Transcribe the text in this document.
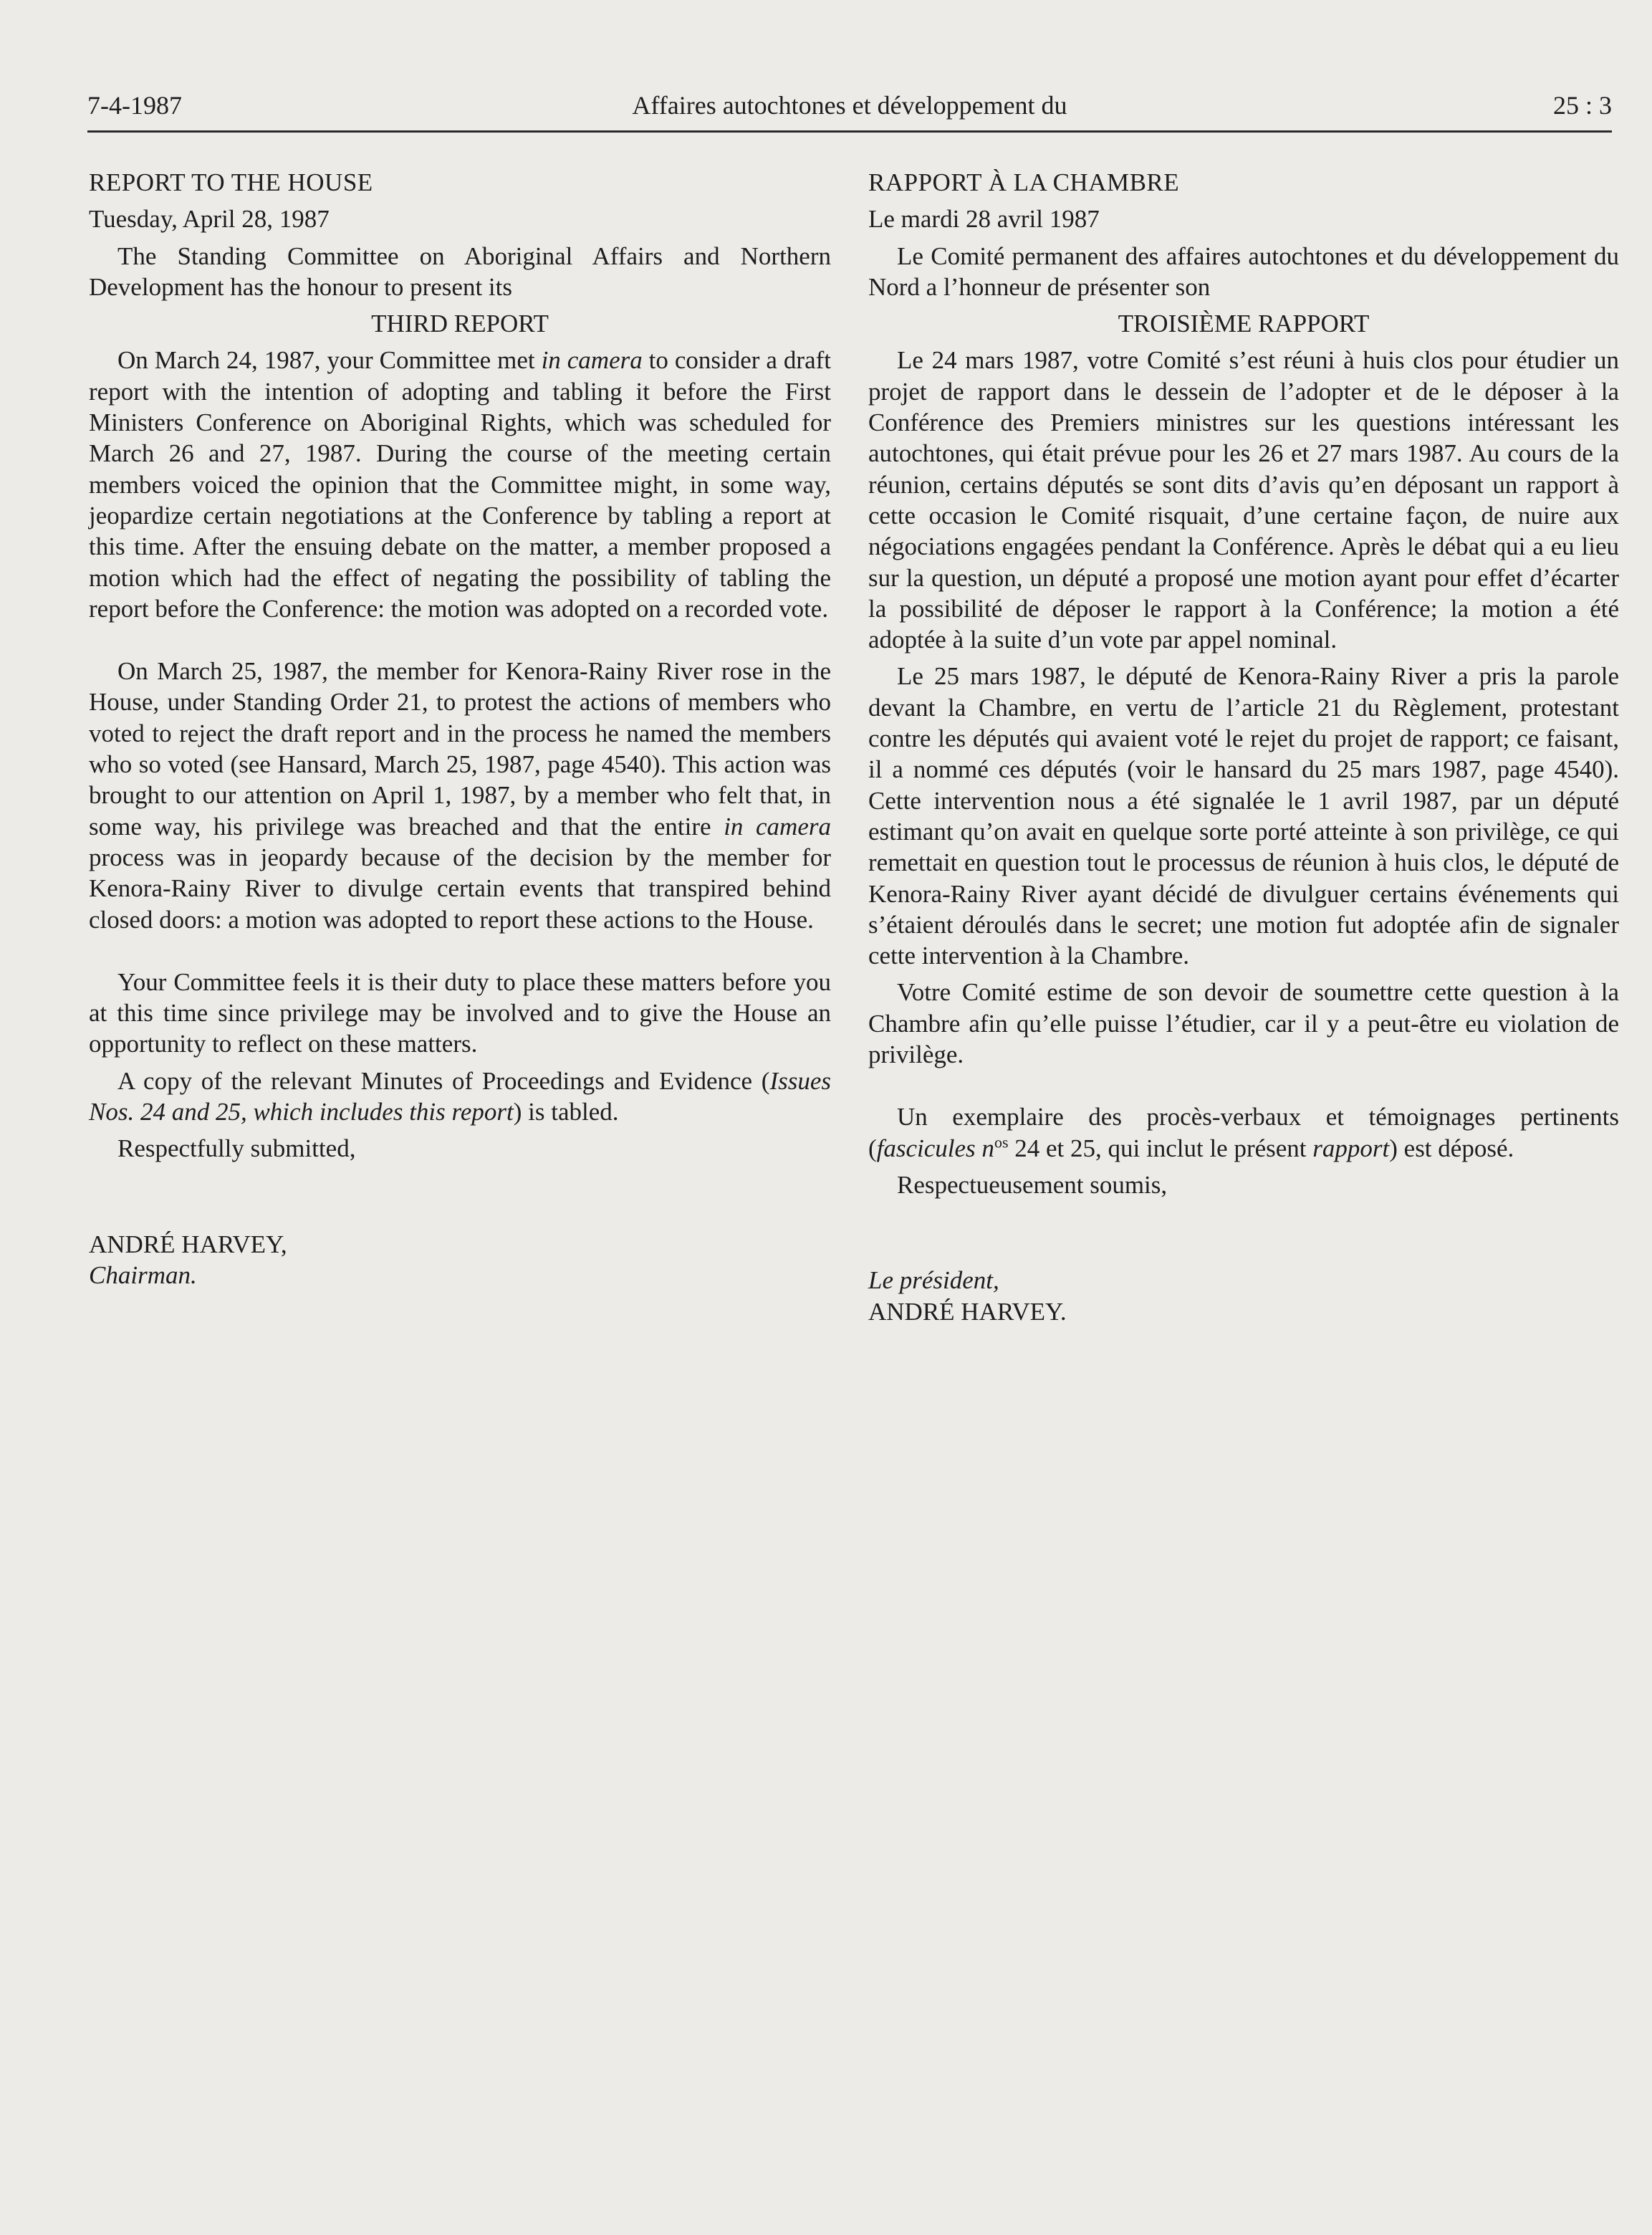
7-4-1987	Affaires autochtones et développement du	25 : 3

REPORT TO THE HOUSE

Tuesday, April 28, 1987

The Standing Committee on Aboriginal Affairs and Northern Development has the honour to present its

THIRD REPORT

On March 24, 1987, your Committee met in camera to consider a draft report with the intention of adopting and tabling it before the First Ministers Conference on Aboriginal Rights, which was scheduled for March 26 and 27, 1987. During the course of the meeting certain members voiced the opinion that the Committee might, in some way, jeopardize certain negotiations at the Conference by tabling a report at this time. After the ensuing debate on the matter, a member proposed a motion which had the effect of negating the possibility of tabling the report before the Conference: the motion was adopted on a recorded vote.

On March 25, 1987, the member for Kenora-Rainy River rose in the House, under Standing Order 21, to protest the actions of members who voted to reject the draft report and in the process he named the members who so voted (see Hansard, March 25, 1987, page 4540). This action was brought to our attention on April 1, 1987, by a member who felt that, in some way, his privilege was breached and that the entire in camera process was in jeopardy because of the decision by the member for Kenora-Rainy River to divulge certain events that transpired behind closed doors: a motion was adopted to report these actions to the House.

Your Committee feels it is their duty to place these matters before you at this time since privilege may be involved and to give the House an opportunity to reflect on these matters.

A copy of the relevant Minutes of Proceedings and Evidence (Issues Nos. 24 and 25, which includes this report) is tabled.

Respectfully submitted,

ANDRÉ HARVEY,

Chairman.

RAPPORT À LA CHAMBRE

Le mardi 28 avril 1987

Le Comité permanent des affaires autochtones et du développement du Nord a l’honneur de présenter son

TROISIÈME RAPPORT

Le 24 mars 1987, votre Comité s’est réuni à huis clos pour étudier un projet de rapport dans le dessein de l’adopter et de le déposer à la Conférence des Premiers ministres sur les questions intéressant les autochtones, qui était prévue pour les 26 et 27 mars 1987. Au cours de la réunion, certains députés se sont dits d’avis qu’en déposant un rapport à cette occasion le Comité risquait, d’une certaine façon, de nuire aux négociations engagées pendant la Conférence. Après le débat qui a eu lieu sur la question, un député a proposé une motion ayant pour effet d’écarter la possibilité de déposer le rapport à la Conférence; la motion a été adoptée à la suite d’un vote par appel nominal.

Le 25 mars 1987, le député de Kenora-Rainy River a pris la parole devant la Chambre, en vertu de l’article 21 du Règlement, protestant contre les députés qui avaient voté le rejet du projet de rapport; ce faisant, il a nommé ces députés (voir le hansard du 25 mars 1987, page 4540). Cette intervention nous a été signalée le 1 avril 1987, par un député estimant qu’on avait en quelque sorte porté atteinte à son privilège, ce qui remettait en question tout le processus de réunion à huis clos, le député de Kenora-Rainy River ayant décidé de divulguer certains événements qui s’étaient déroulés dans le secret; une motion fut adoptée afin de signaler cette intervention à la Chambre.

Votre Comité estime de son devoir de soumettre cette question à la Chambre afin qu’elle puisse l’étudier, car il y a peut-être eu violation de privilège.

Un exemplaire des procès-verbaux et témoignages pertinents (fascicules $n^{os}$ 24 et 25, qui inclut le présent rapport) est déposé.

Respectueusement soumis,

Le président,

ANDRÉ HARVEY.
